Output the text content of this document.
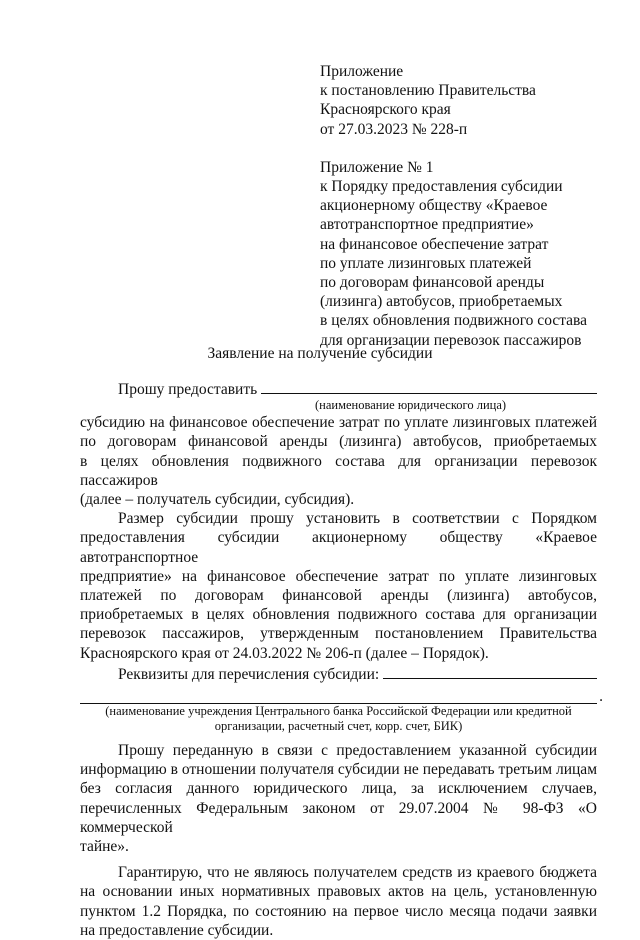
Приложение
к постановлению Правительства
Красноярского края
от 27.03.2023 № 228-п
Приложение № 1
к Порядку предоставления субсидии
акционерному обществу «Краевое
автотранспортное предприятие»
на финансовое обеспечение затрат
по уплате лизинговых платежей
по договорам финансовой аренды
(лизинга) автобусов, приобретаемых
в целях обновления подвижного состава
для организации перевозок пассажиров
Заявление на получение субсидии
Прошу предоставить
(наименование юридического лица)
субсидию на финансовое обеспечение затрат по уплате лизинговых платежей
по договорам финансовой аренды (лизинга) автобусов, приобретаемых
в целях обновления подвижного состава для организации перевозок пассажиров
(далее – получатель субсидии, субсидия).
Размер субсидии прошу установить в соответствии с Порядком
предоставления субсидии акционерному обществу «Краевое автотранспортное
предприятие» на финансовое обеспечение затрат по уплате лизинговых
платежей по договорам финансовой аренды (лизинга) автобусов,
приобретаемых в целях обновления подвижного состава для организации
перевозок пассажиров, утвержденным постановлением Правительства
Красноярского края от 24.03.2022 № 206-п (далее – Порядок).
Реквизиты для перечисления субсидии:
.
(наименование учреждения Центрального банка Российской Федерации или кредитной
организации, расчетный счет, корр. счет, БИК)
Прошу переданную в связи с предоставлением указанной субсидии
информацию в отношении получателя субсидии не передавать третьим лицам
без согласия данного юридического лица, за исключением случаев,
перечисленных Федеральным законом от 29.07.2004 № 98-ФЗ «О коммерческой
тайне».
Гарантирую, что не являюсь получателем средств из краевого бюджета
на основании иных нормативных правовых актов на цель, установленную
пунктом 1.2 Порядка, по состоянию на первое число месяца подачи заявки
на предоставление субсидии.
